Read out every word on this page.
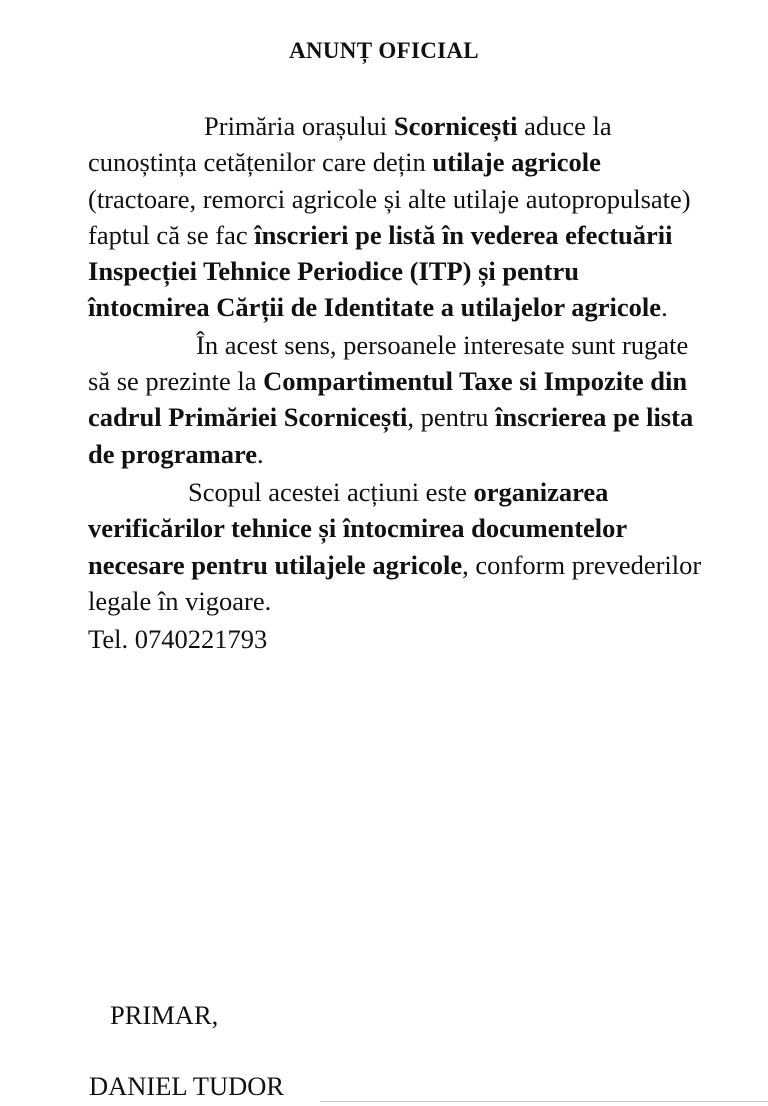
ANUNȚ OFICIAL

Primăria orașului Scornicești aduce la cunoștința cetățenilor care dețin utilaje agricole (tractoare, remorci agricole și alte utilaje autopropulsate) faptul că se fac înscrieri pe listă în vederea efectuării Inspecției Tehnice Periodice (ITP) și pentru întocmirea Cărții de Identitate a utilajelor agricole.

În acest sens, persoanele interesate sunt rugate să se prezinte la Compartimentul Taxe si Impozite din cadrul Primăriei Scornicești, pentru înscrierea pe lista de programare.

Scopul acestei acțiuni este organizarea verificărilor tehnice și întocmirea documentelor necesare pentru utilajele agricole, conform prevederilor legale în vigoare.

Tel. 0740221793

PRIMAR,
DANIEL TUDOR
